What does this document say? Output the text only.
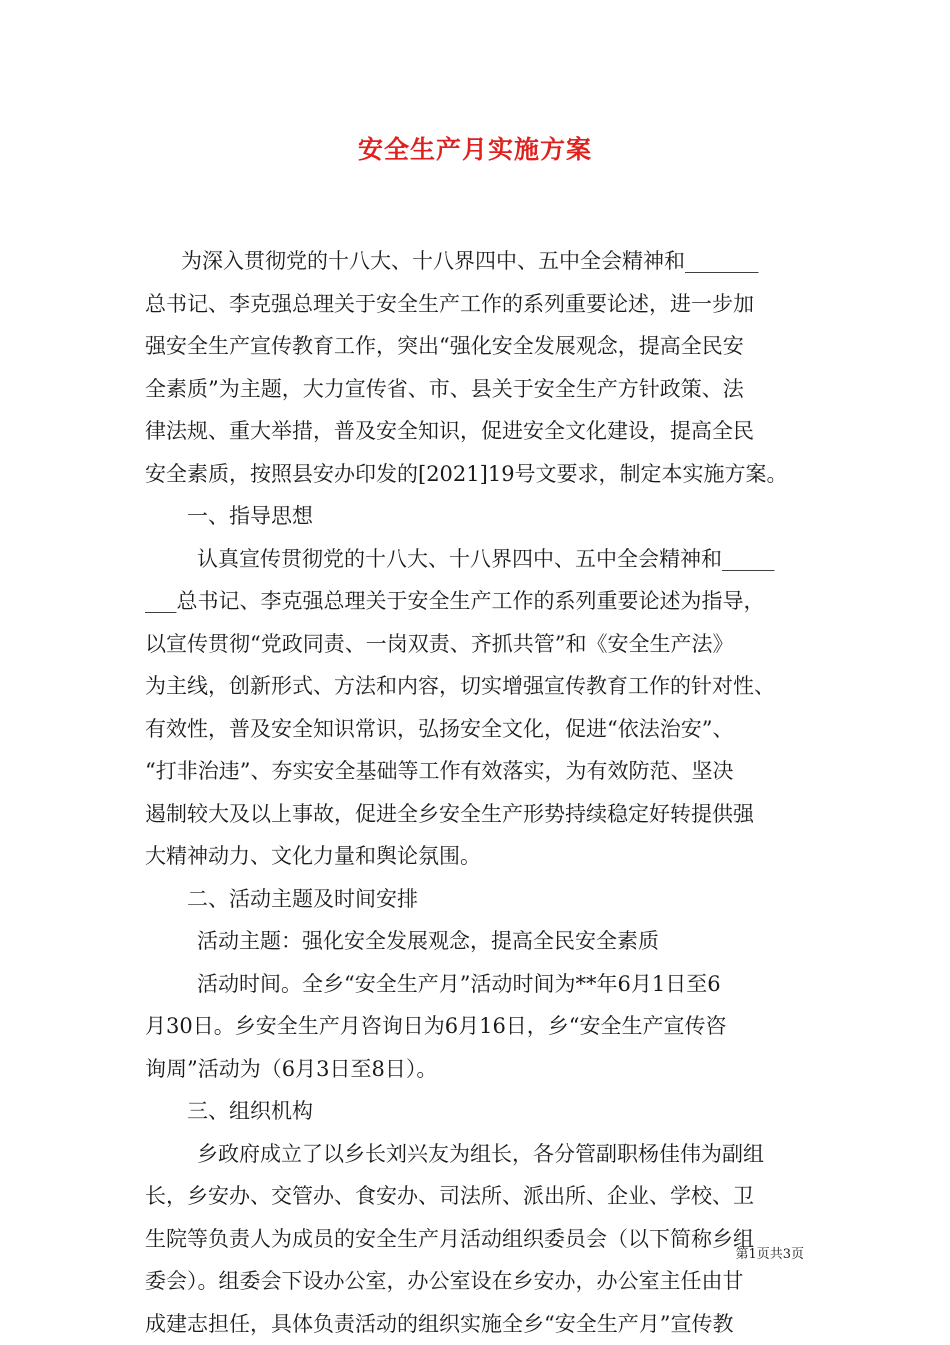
安全生产月实施方案
为深入贯彻党的十八大、十八界四中、五中全会精神和_______
总书记、李克强总理关于安全生产工作的系列重要论述，进一步加
强安全生产宣传教育工作，突出“强化安全发展观念，提高全民安
全素质”为主题，大力宣传省、市、县关于安全生产方针政策、法
律法规、重大举措，普及安全知识，促进安全文化建设，提高全民
安全素质，按照县安办印发的[2021]19号文要求，制定本实施方案。
一、指导思想
认真宣传贯彻党的十八大、十八界四中、五中全会精神和_____
___总书记、李克强总理关于安全生产工作的系列重要论述为指导，
以宣传贯彻“党政同责、一岗双责、齐抓共管”和《安全生产法》
为主线，创新形式、方法和内容，切实增强宣传教育工作的针对性、
有效性，普及安全知识常识，弘扬安全文化，促进“依法治安”、
“打非治违”、夯实安全基础等工作有效落实，为有效防范、坚决
遏制较大及以上事故，促进全乡安全生产形势持续稳定好转提供强
大精神动力、文化力量和舆论氛围。
二、活动主题及时间安排
活动主题：强化安全发展观念，提高全民安全素质
活动时间。全乡“安全生产月”活动时间为**年6月1日至6
月30日。乡安全生产月咨询日为6月16日，乡“安全生产宣传咨
询周”活动为（6月3日至8日）。
三、组织机构
乡政府成立了以乡长刘兴友为组长，各分管副职杨佳伟为副组
长，乡安办、交管办、食安办、司法所、派出所、企业、学校、卫
生院等负责人为成员的安全生产月活动组织委员会（以下简称乡组
委会）。组委会下设办公室，办公室设在乡安办，办公室主任由甘
成建志担任，具体负责活动的组织实施全乡“安全生产月”宣传教
第1页共3页
